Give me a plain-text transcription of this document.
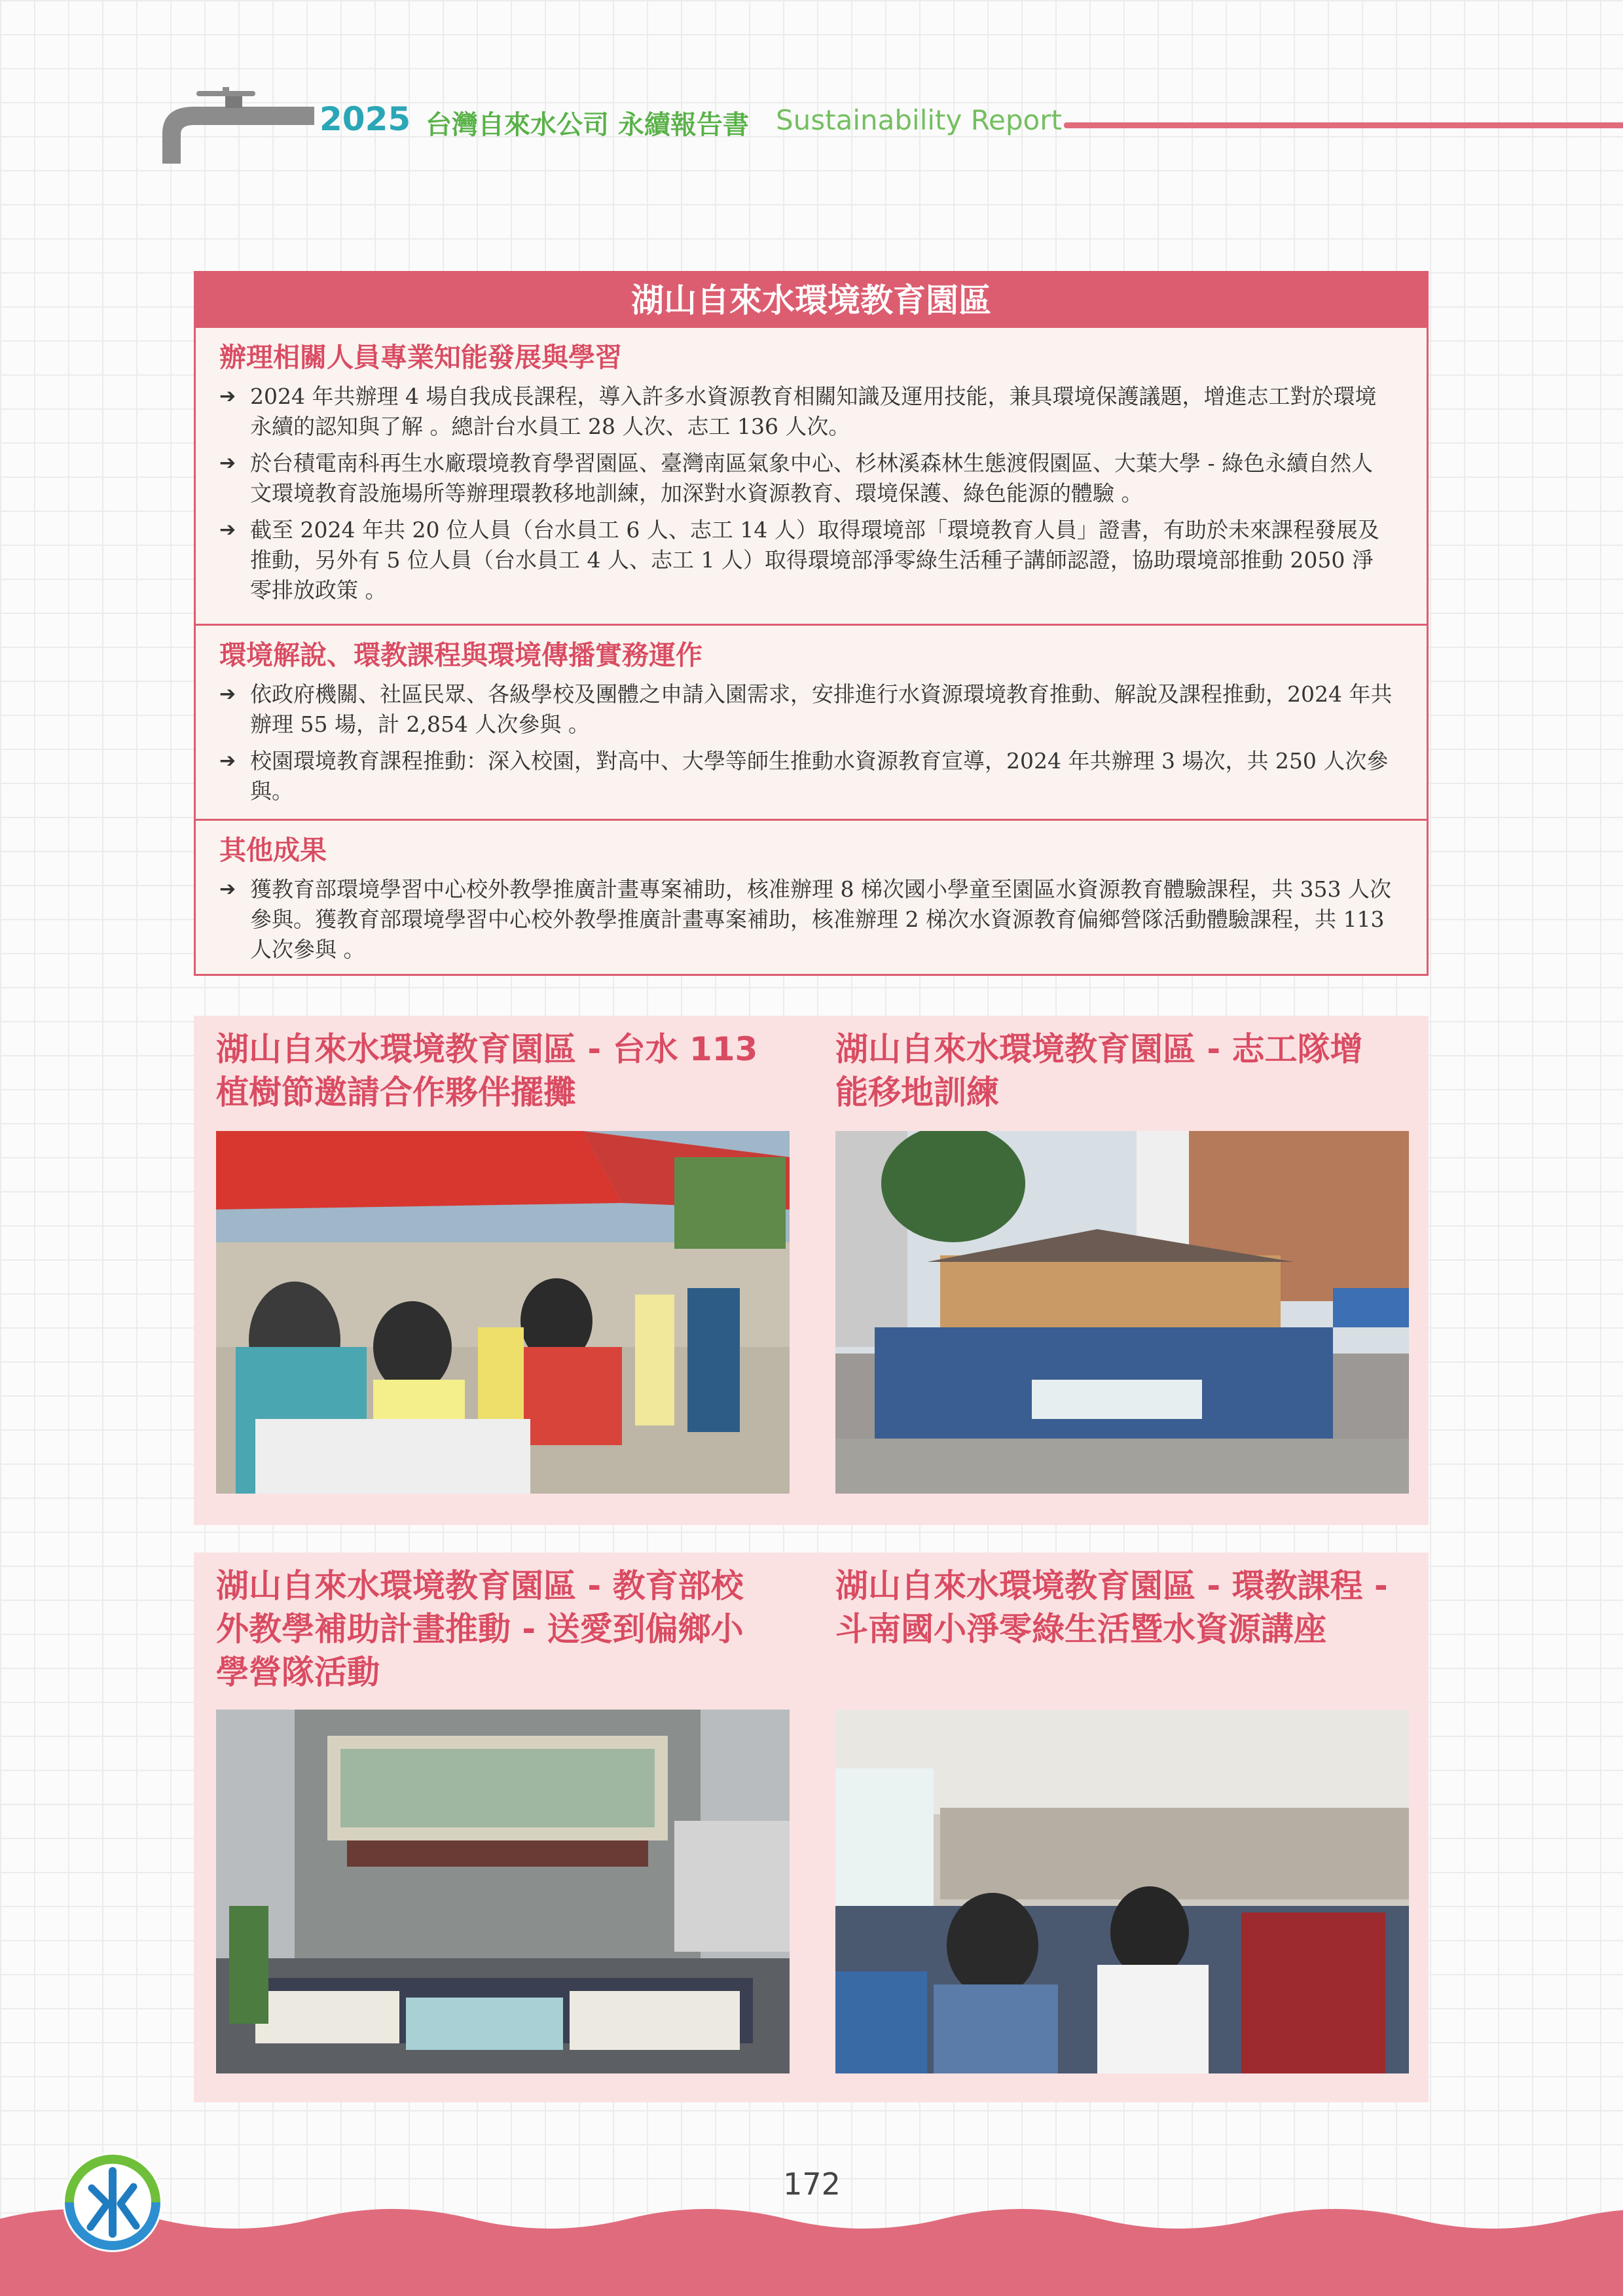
2025 台灣自來水公司 永續報告書 Sustainability Report
湖山自來水環境教育園區
辦理相關人員專業知能發展與學習
➔ 2024 年共辦理 4 場自我成長課程，導入許多水資源教育相關知識及運用技能，兼具環境保護議題，增進志工對於環境永續的認知與了解 。總計台水員工 28 人次、志工 136 人次。
➔ 於台積電南科再生水廠環境教育學習園區、臺灣南區氣象中心、杉林溪森林生態渡假園區、大葉大學 - 綠色永續自然人文環境教育設施場所等辦理環教移地訓練，加深對水資源教育、環境保護、綠色能源的體驗 。
➔ 截至 2024 年共 20 位人員（台水員工 6 人、志工 14 人）取得環境部「環境教育人員」證書，有助於未來課程發展及推動，另外有 5 位人員（台水員工 4 人、志工 1 人）取得環境部淨零綠生活種子講師認證，協助環境部推動 2050 淨零排放政策 。
環境解說、環教課程與環境傳播實務運作
➔ 依政府機關、社區民眾、各級學校及團體之申請入園需求，安排進行水資源環境教育推動、解說及課程推動，2024 年共辦理 55 場，計 2,854 人次參與 。
➔ 校園環境教育課程推動：深入校園，對高中、大學等師生推動水資源教育宣導，2024 年共辦理 3 場次，共 250 人次參與。
其他成果
➔ 獲教育部環境學習中心校外教學推廣計畫專案補助，核准辦理 8 梯次國小學童至園區水資源教育體驗課程，共 353 人次參與。獲教育部環境學習中心校外教學推廣計畫專案補助，核准辦理 2 梯次水資源教育偏鄉營隊活動體驗課程，共 113 人次參與 。
湖山自來水環境教育園區 - 台水 113
植樹節邀請合作夥伴擺攤
湖山自來水環境教育園區 - 志工隊增
能移地訓練
湖山自來水環境教育園區 - 教育部校
外教學補助計畫推動 - 送愛到偏鄉小
學營隊活動
湖山自來水環境教育園區 - 環教課程 -
斗南國小淨零綠生活暨水資源講座
172
